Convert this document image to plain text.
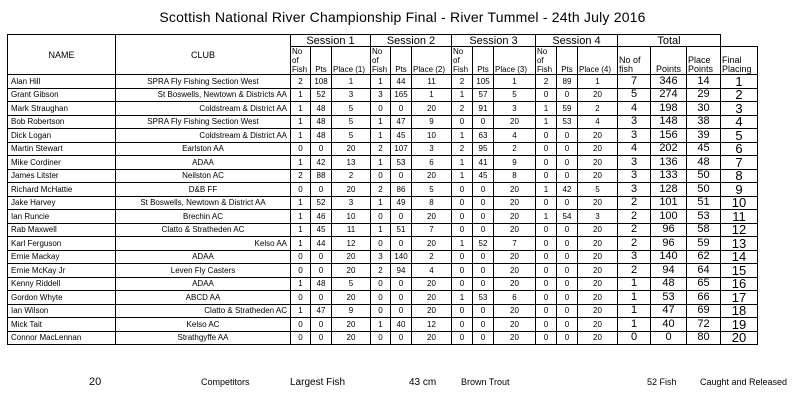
Scottish National River Championship Final - River Tummel - 24th July 2016
NAME	CLUB	Session 1			Session 2			Session 3			Session 4			Total			
		No of Fish	Pts	Place (1)	No of Fish	Pts	Place (2)	No of Fish	Pts	Place (3)	No of Fish	Pts	Place (4)	No of fish	Points	Place Points	Final Placing
Alan Hill	SPRA Fly Fishing Section West	2	108	1	1	44	11	2	105	1	2	89	1	7	346	14	1
Grant Gibson	St Boswells, Newtown & Districts AA	1	52	3	3	165	1	1	57	5	0	0	20	5	274	29	2
Mark Straughan	Coldstream & District AA	1	48	5	0	0	20	2	91	3	1	59	2	4	198	30	3
Bob Robertson	SPRA Fly Fishing Section West	1	48	5	1	47	9	0	0	20	1	53	4	3	148	38	4
Dick Logan	Coldstream & District AA	1	48	5	1	45	10	1	63	4	0	0	20	3	156	39	5
Martin Stewart	Earlston AA	0	0	20	2	107	3	2	95	2	0	0	20	4	202	45	6
Mike Cordiner	ADAA	1	42	13	1	53	6	1	41	9	0	0	20	3	136	48	7
James Litster	Neilston AC	2	88	2	0	0	20	1	45	8	0	0	20	3	133	50	8
Richard McHattie	D&B FF	0	0	20	2	86	5	0	0	20	1	42	5	3	128	50	9
Jake Harvey	St Boswells, Newtown & District AA	1	52	3	1	49	8	0	0	20	0	0	20	2	101	51	10
Ian Runcie	Brechin AC	1	46	10	0	0	20	0	0	20	1	54	3	2	100	53	11
Rab Maxwell	Clatto & Stratheden AC	1	45	11	1	51	7	0	0	20	0	0	20	2	96	58	12
Karl Ferguson	Kelso AA	1	44	12	0	0	20	1	52	7	0	0	20	2	96	59	13
Ernie Mackay	ADAA	0	0	20	3	140	2	0	0	20	0	0	20	3	140	62	14
Ernie McKay Jr	Leven Fly Casters	0	0	20	2	94	4	0	0	20	0	0	20	2	94	64	15
Kenny Riddell	ADAA	1	48	5	0	0	20	0	0	20	0	0	20	1	48	65	16
Gordon Whyte	ABCD AA	0	0	20	0	0	20	1	53	6	0	0	20	1	53	66	17
Ian Wilson	Clatto & Stratheden AC	1	47	9	0	0	20	0	0	20	0	0	20	1	47	69	18
Mick Tait	Kelso AC	0	0	20	1	40	12	0	0	20	0	0	20	1	40	72	19
Connor MacLennan	Strathgyffe AA	0	0	20	0	0	20	0	0	20	0	0	20	0	0	80	20
20	Competitors	Largest Fish	43 cm	Brown Trout	52 Fish	Caught and Released
